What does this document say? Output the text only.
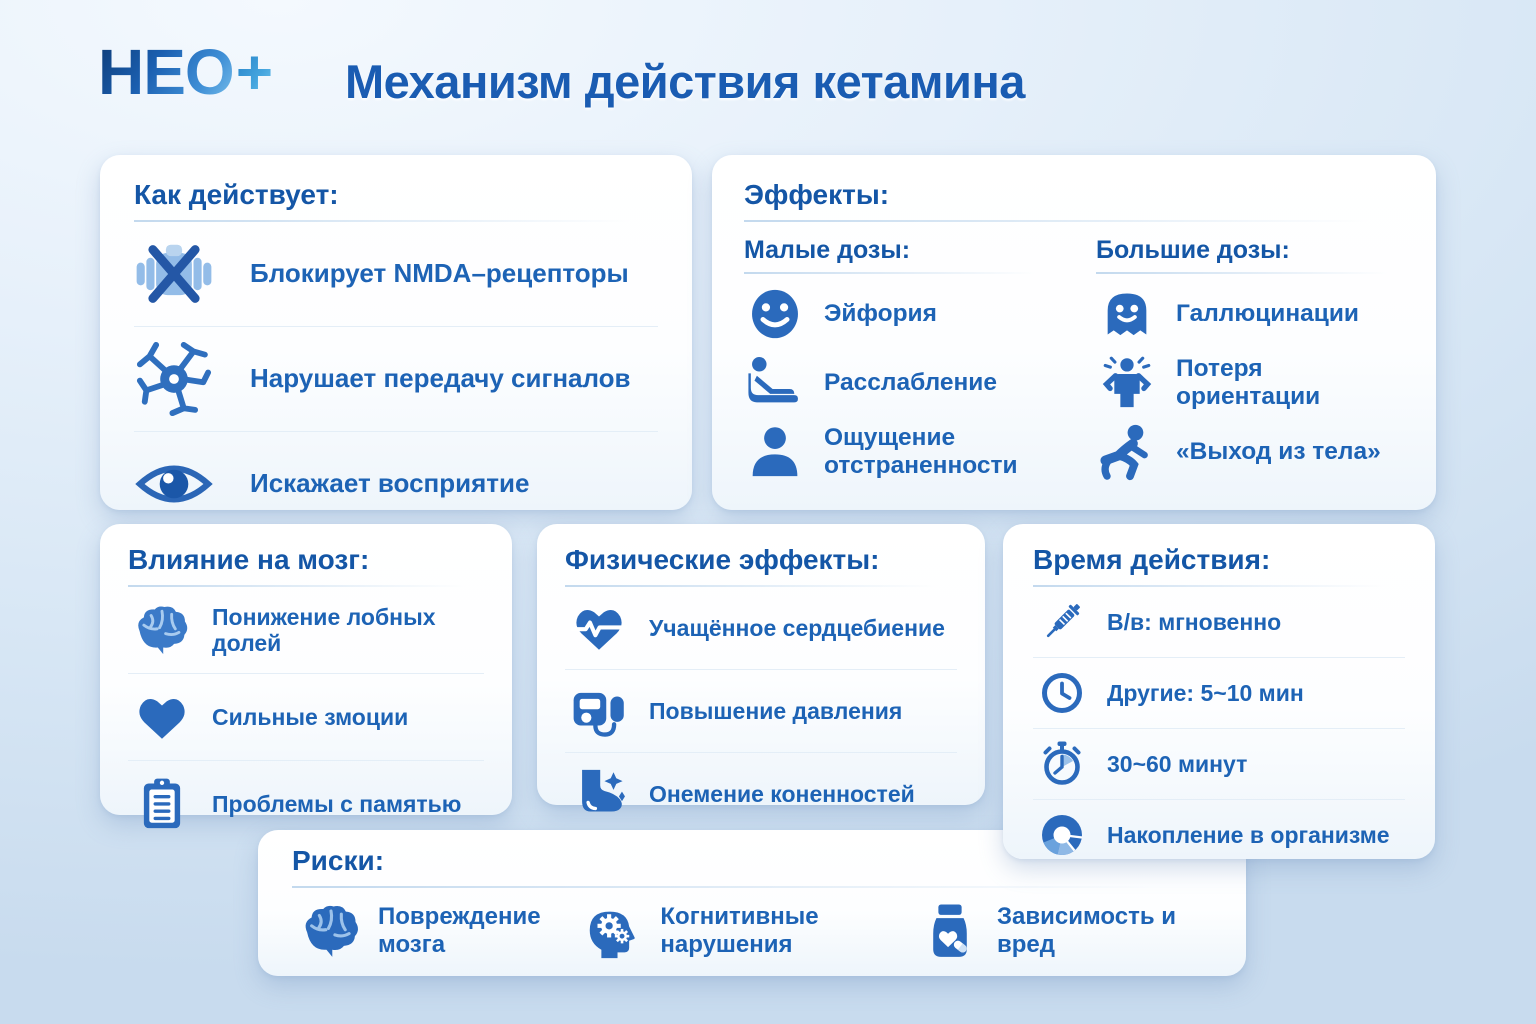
НЕО + Механизм действия кетамина
Как действует:
Блокирует NMDA–рецепторы
Нарушает передачу сигналов
Искажает восприятие
Эффекты:
Малые дозы:
Эйфория
Расслабление
Ощущение отстраненности
Большие дозы:
Галлюцинации
Потеря ориентации
«Выход из тела»
Влияние на мозг:
Понижение лобных долей
Сильные змоции
Проблемы с памятью
Физические эффекты:
Учащённое сердцебиение
Повышение давления
Онемение коненностей
Время действия:
В/в: мгновенно
Другие: 5~10 мин
30~60 минут
Накопление в организме
Риски:
Повреждение мозга
Когнитивные нарушения
Зависимость и вред
